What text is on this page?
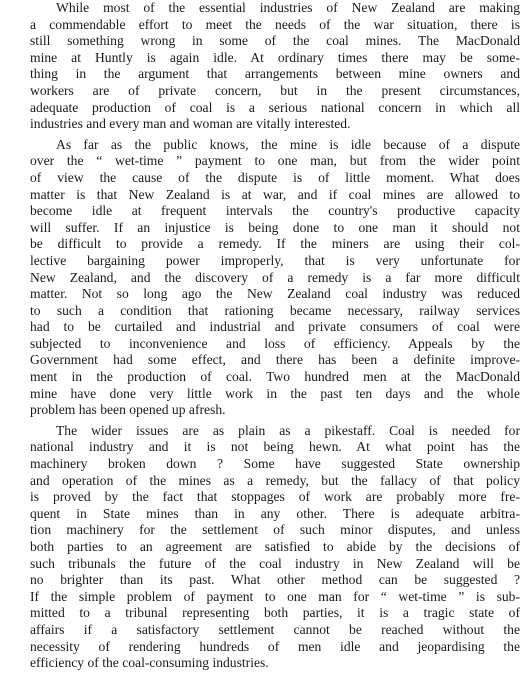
While most of the essential industries of New Zealand are making
a commendable effort to meet the needs of the war situation, there is
still something wrong in some of the coal mines. The MacDonald
mine at Huntly is again idle. At ordinary times there may be some-
thing in the argument that arrangements between mine owners and
workers are of private concern, but in the present circumstances,
adequate production of coal is a serious national concern in which all
industries and every man and woman are vitally interested.
As far as the public knows, the mine is idle because of a dispute
over the “ wet-time ” payment to one man, but from the wider point
of view the cause of the dispute is of little moment. What does
matter is that New Zealand is at war, and if coal mines are allowed to
become idle at frequent intervals the country's productive capacity
will suffer. If an injustice is being done to one man it should not
be difficult to provide a remedy. If the miners are using their col-
lective bargaining power improperly, that is very unfortunate for
New Zealand, and the discovery of a remedy is a far more difficult
matter. Not so long ago the New Zealand coal industry was reduced
to such a condition that rationing became necessary, railway services
had to be curtailed and industrial and private consumers of coal were
subjected to inconvenience and loss of efficiency. Appeals by the
Government had some effect, and there has been a definite improve-
ment in the production of coal. Two hundred men at the MacDonald
mine have done very little work in the past ten days and the whole
problem has been opened up afresh.
The wider issues are as plain as a pikestaff. Coal is needed for
national industry and it is not being hewn. At what point has the
machinery broken down ? Some have suggested State ownership
and operation of the mines as a remedy, but the fallacy of that policy
is proved by the fact that stoppages of work are probably more fre-
quent in State mines than in any other. There is adequate arbitra-
tion machinery for the settlement of such minor disputes, and unless
both parties to an agreement are satisfied to abide by the decisions of
such tribunals the future of the coal industry in New Zealand will be
no brighter than its past. What other method can be suggested ?
If the simple problem of payment to one man for “ wet-time ” is sub-
mitted to a tribunal representing both parties, it is a tragic state of
affairs if a satisfactory settlement cannot be reached without the
necessity of rendering hundreds of men idle and jeopardising the
efficiency of the coal-consuming industries.
